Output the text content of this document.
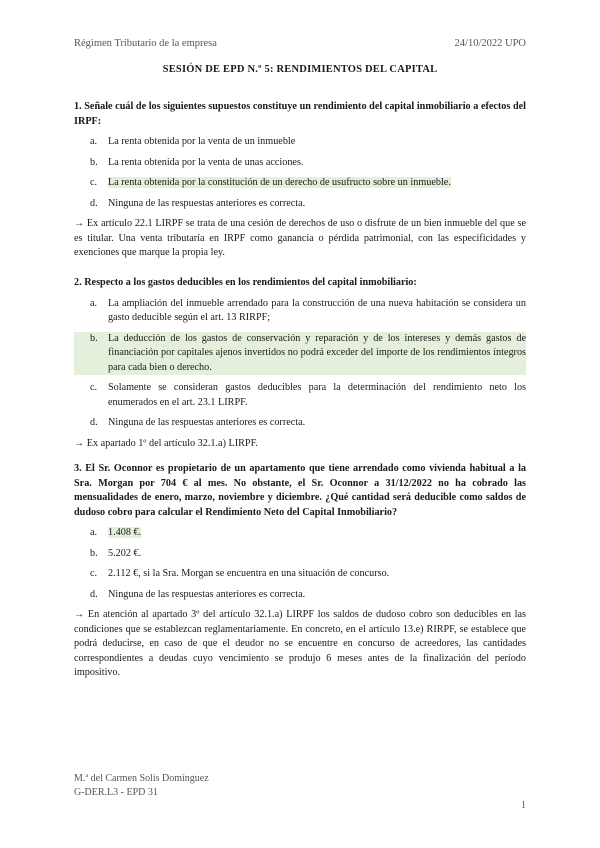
Régimen Tributario de la empresa	24/10/2022 UPO
SESIÓN DE EPD N.º 5: RENDIMIENTOS DEL CAPITAL

1. Señale cuál de los siguientes supuestos constituye un rendimiento del capital inmobiliario a efectos del IRPF:

a. La renta obtenida por la venta de un inmueble
b. La renta obtenida por la venta de unas acciones.
c. La renta obtenida por la constitución de un derecho de usufructo sobre un inmueble.
d. Ninguna de las respuestas anteriores es correcta.

→ Ex artículo 22.1 LIRPF se trata de una cesión de derechos de uso o disfrute de un bien inmueble del que se es titular. Una venta tributaría en IRPF como ganancia o pérdida patrimonial, con las especificidades y exenciones que marque la propia ley.

2. Respecto a los gastos deducibles en los rendimientos del capital inmobiliario:

a. La ampliación del inmueble arrendado para la construcción de una nueva habitación se considera un gasto deducible según el art. 13 RIRPF;
b. La deducción de los gastos de conservación y reparación y de los intereses y demás gastos de financiación por capitales ajenos invertidos no podrá exceder del importe de los rendimientos íntegros para cada bien o derecho.
c. Solamente se consideran gastos deducibles para la determinación del rendimiento neto los enumerados en el art. 23.1 LIRPF.
d. Ninguna de las respuestas anteriores es correcta.

→ Ex apartado 1º del artículo 32.1.a) LIRPF.

3. El Sr. Oconnor es propietario de un apartamento que tiene arrendado como vivienda habitual a la Sra. Morgan por 704 € al mes. No obstante, el Sr. Oconnor a 31/12/2022 no ha cobrado las mensualidades de enero, marzo, noviembre y diciembre. ¿Qué cantidad será deducible como saldos de dudoso cobro para calcular el Rendimiento Neto del Capital Inmobiliario?

a. 1.408 €.
b. 5.202 €.
c. 2.112 €, si la Sra. Morgan se encuentra en una situación de concurso.
d. Ninguna de las respuestas anteriores es correcta.

→ En atención al apartado 3º del artículo 32.1.a) LIRPF los saldos de dudoso cobro son deducibles en las condiciones que se establezcan reglamentariamente. En concreto, en el artículo 13.e) RIRPF, se establece que podrá deducirse, en caso de que el deudor no se encuentre en concurso de acreedores, las cantidades correspondientes a deudas cuyo vencimiento se produjo 6 meses antes de la finalización del período impositivo.

M.ª del Carmen Solís Domínguez
G-DER.L3 - EPD 31
1
